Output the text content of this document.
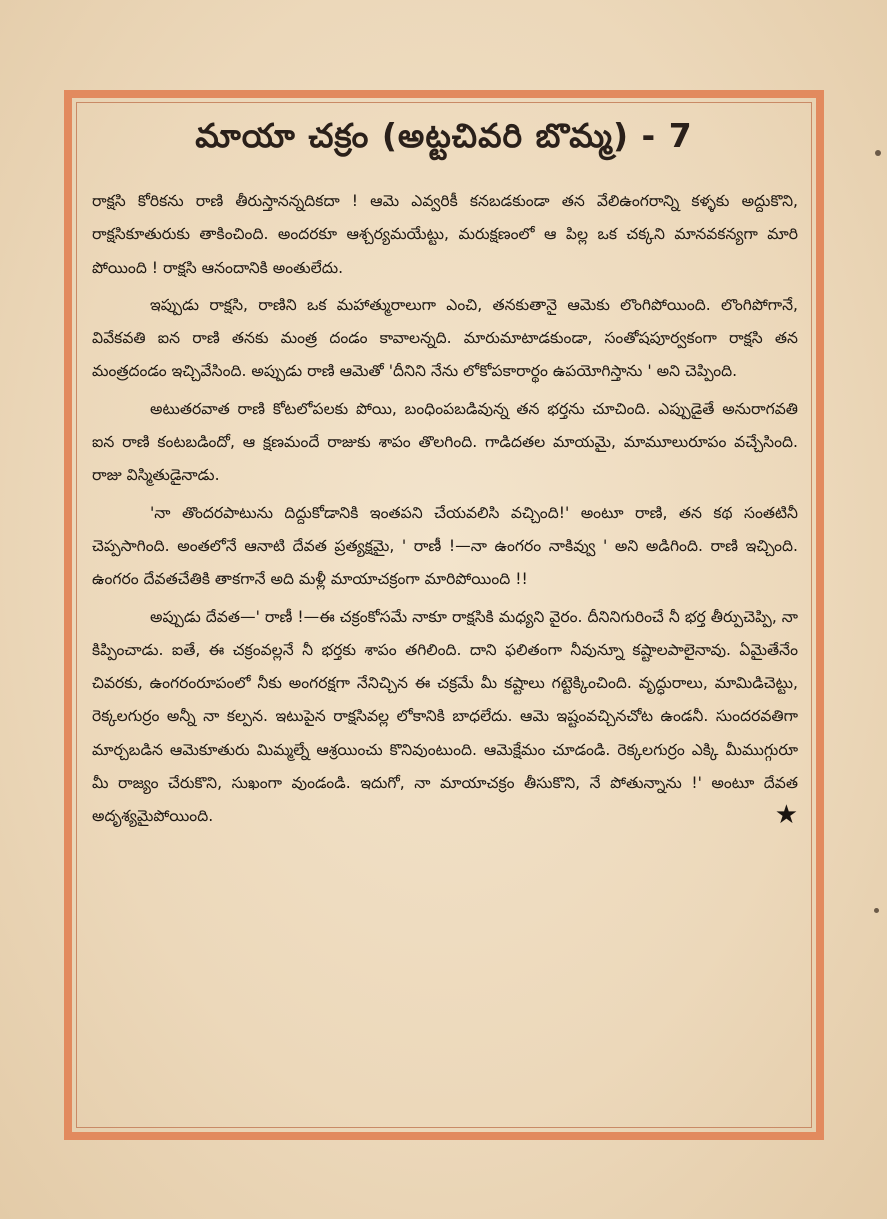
మాయా చక్రం (అట్టచివరి బొమ్మ) - 7

రాక్షసి కోరికను రాణి తీరుస్తానన్నదికదా ! ఆమె ఎవ్వరికీ కనబడకుండా తన వేలిఉంగరాన్ని కళ్ళకు అద్దుకొని, రాక్షసికూతురుకు తాకించింది. అందరకూ ఆశ్చర్యమయేట్టు, మరుక్షణంలో ఆ పిల్ల ఒక చక్కని మానవకన్యగా మారి పోయింది ! రాక్షసి ఆనందానికి అంతులేదు.

ఇప్పుడు రాక్షసి, రాణిని ఒక మహాత్మురాలుగా ఎంచి, తనకుతానై ఆమెకు లొంగిపోయింది. లొంగిపోగానే, వివేకవతి ఐన రాణి తనకు మంత్ర దండం కావాలన్నది. మారుమాటాడకుండా, సంతోషపూర్వకంగా రాక్షసి తన మంత్రదండం ఇచ్చివేసింది. అప్పుడు రాణి ఆమెతో 'దీనిని నేను లోకోపకారార్థం ఉపయోగిస్తాను ' అని చెప్పింది.

అటుతరవాత రాణి కోటలోపలకు పోయి, బంధింపబడివున్న తన భర్తను చూచింది. ఎప్పుడైతే అనురాగవతి ఐన రాణి కంటబడిందో, ఆ క్షణమందే రాజుకు శాపం తొలగింది. గాడిదతల మాయమై, మామూలురూపం వచ్చేసింది. రాజు విస్మితుడైనాడు.

'నా తొందరపాటును దిద్దుకోడానికి ఇంతపని చేయవలిసి వచ్చింది!' అంటూ రాణి, తన కథ సంతటినీ చెప్పసాగింది. అంతలోనే ఆనాటి దేవత ప్రత్యక్షమై, ' రాణీ !—నా ఉంగరం నాకివ్వు ' అని అడిగింది. రాణి ఇచ్చింది. ఉంగరం దేవతచేతికి తాకగానే అది మళ్లీ మాయాచక్రంగా మారిపోయింది !!

అప్పుడు దేవత—' రాణీ !—ఈ చక్రంకోసమే నాకూ రాక్షసికి మధ్యని వైరం. దీనినిగురించే నీ భర్త తీర్పుచెప్పి, నా కిప్పించాడు. ఐతే, ఈ చక్రంవల్లనే నీ భర్తకు శాపం తగిలింది. దాని ఫలితంగా నీవున్నూ కష్టాలపాలైనావు. ఏమైతేనేం చివరకు, ఉంగరంరూపంలో నీకు అంగరక్షగా నేనిచ్చిన ఈ చక్రమే మీ కష్టాలు గట్టెక్కించింది. వృద్ధురాలు, మామిడిచెట్టు, రెక్కలగుర్రం అన్నీ నా కల్పన. ఇటుపైన రాక్షసివల్ల లోకానికి బాధలేదు. ఆమె ఇష్టంవచ్చినచోట ఉండనీ. సుందరవతిగా మార్చబడిన ఆమెకూతురు మిమ్మల్నే ఆశ్రయించు కొనివుంటుంది. ఆమెక్షేమం చూడండి. రెక్కలగుర్రం ఎక్కి మీముగ్గురూ మీ రాజ్యం చేరుకొని, సుఖంగా వుండండి. ఇదుగో, నా మాయాచక్రం తీసుకొని, నే పోతున్నాను !' అంటూ దేవత అదృశ్యమైపోయింది.	★
